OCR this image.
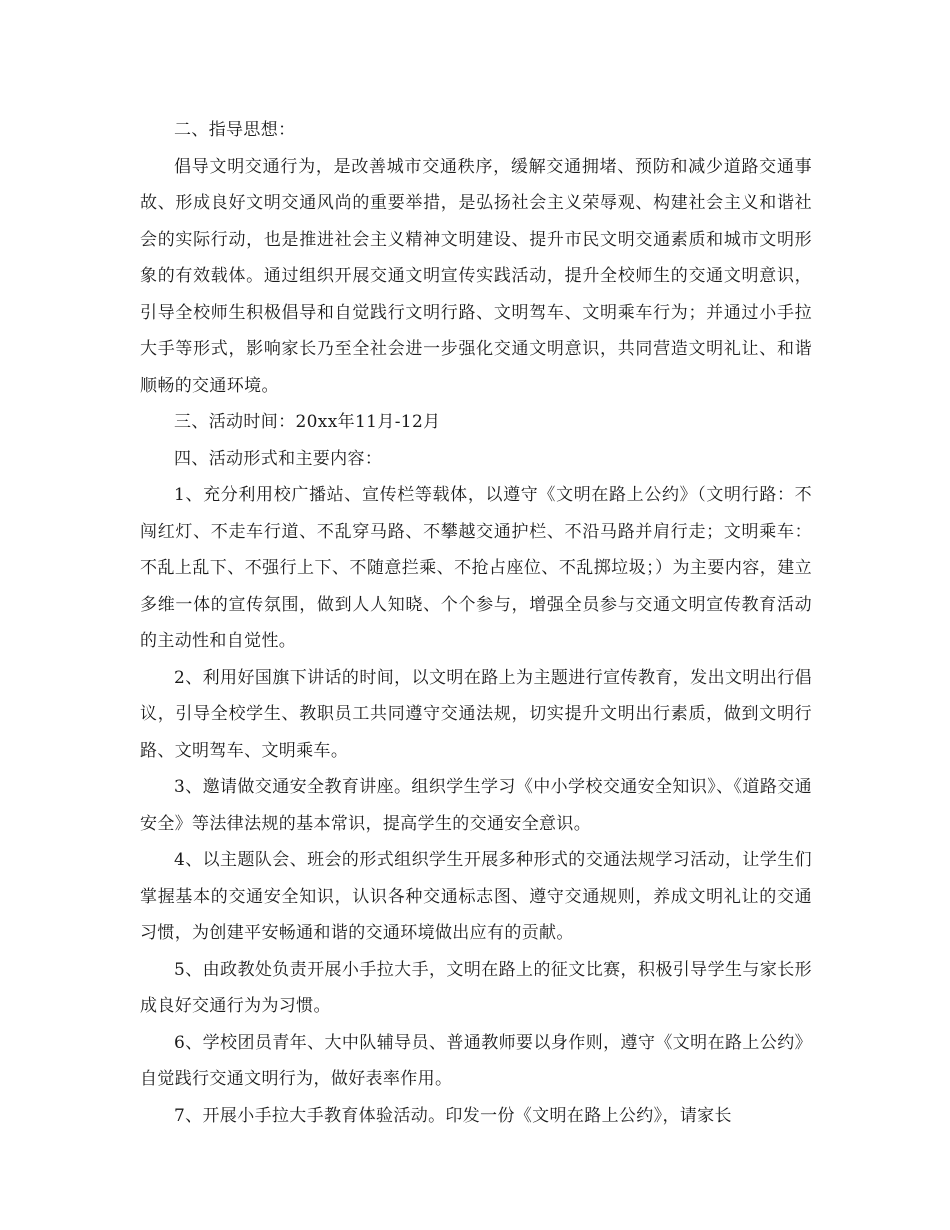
二、指导思想：

倡导文明交通行为，是改善城市交通秩序，缓解交通拥堵、预防和减少道路交通事故、形成良好文明交通风尚的重要举措，是弘扬社会主义荣辱观、构建社会主义和谐社会的实际行动，也是推进社会主义精神文明建设、提升市民文明交通素质和城市文明形象的有效载体。通过组织开展交通文明宣传实践活动，提升全校师生的交通文明意识，引导全校师生积极倡导和自觉践行文明行路、文明驾车、文明乘车行为；并通过小手拉大手等形式，影响家长乃至全社会进一步强化交通文明意识，共同营造文明礼让、和谐顺畅的交通环境。

三、活动时间：20xx年11月-12月

四、活动形式和主要内容：

1、充分利用校广播站、宣传栏等载体，以遵守《文明在路上公约》（文明行路：不闯红灯、不走车行道、不乱穿马路、不攀越交通护栏、不沿马路并肩行走；文明乘车：不乱上乱下、不强行上下、不随意拦乘、不抢占座位、不乱掷垃圾；）为主要内容，建立多维一体的宣传氛围，做到人人知晓、个个参与，增强全员参与交通文明宣传教育活动的主动性和自觉性。

2、利用好国旗下讲话的时间，以文明在路上为主题进行宣传教育，发出文明出行倡议，引导全校学生、教职员工共同遵守交通法规，切实提升文明出行素质，做到文明行路、文明驾车、文明乘车。

3、邀请做交通安全教育讲座。组织学生学习《中小学校交通安全知识》、《道路交通安全》等法律法规的基本常识，提高学生的交通安全意识。

4、以主题队会、班会的形式组织学生开展多种形式的交通法规学习活动，让学生们掌握基本的交通安全知识，认识各种交通标志图、遵守交通规则，养成文明礼让的交通习惯，为创建平安畅通和谐的交通环境做出应有的贡献。

5、由政教处负责开展小手拉大手，文明在路上的征文比赛，积极引导学生与家长形成良好交通行为为习惯。

6、学校团员青年、大中队辅导员、普通教师要以身作则，遵守《文明在路上公约》自觉践行交通文明行为，做好表率作用。

7、开展小手拉大手教育体验活动。印发一份《文明在路上公约》，请家长
